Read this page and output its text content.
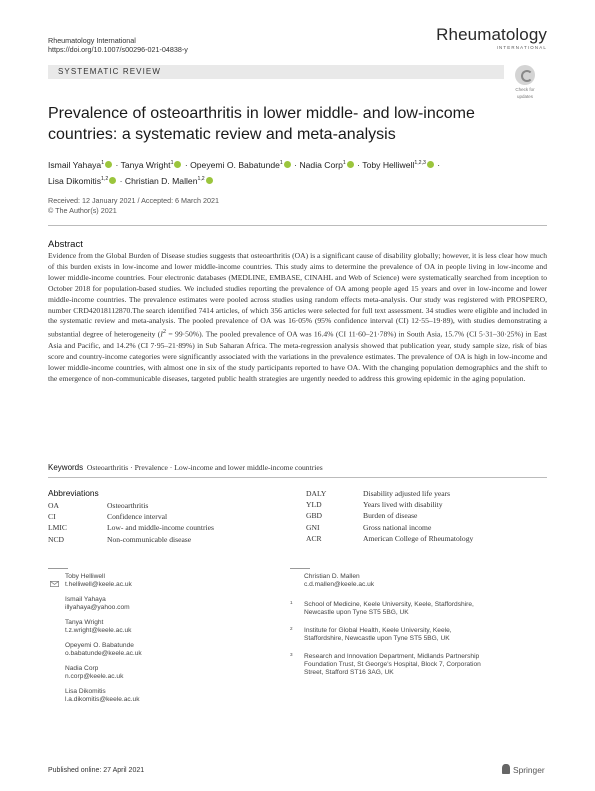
Rheumatology International
https://doi.org/10.1007/s00296-021-04838-y
Rheumatology
INTERNATIONAL
SYSTEMATIC REVIEW
Check for
updates
Prevalence of osteoarthritis in lower middle- and low-income countries: a systematic review and meta-analysis
Ismail Yahaya$^1$ · Tanya Wright$^1$ · Opeyemi O. Babatunde$^1$ · Nadia Corp$^1$ · Toby Helliwell$^{1,2,3}$ ·
Lisa Dikomitis$^{1,2}$ · Christian D. Mallen$^{1,2}$
Received: 12 January 2021 / Accepted: 6 March 2021
© The Author(s) 2021
Abstract
Evidence from the Global Burden of Disease studies suggests that osteoarthritis (OA) is a significant cause of disability globally; however, it is less clear how much of this burden exists in low-income and lower middle-income countries. This study aims to determine the prevalence of OA in people living in low-income and lower middle-income countries. Four electronic databases (MEDLINE, EMBASE, CINAHL and Web of Science) were systematically searched from inception to October 2018 for population-based studies. We included studies reporting the prevalence of OA among people aged 15 years and over in low-income and lower middle-income countries. The prevalence estimates were pooled across studies using random effects meta-analysis. Our study was registered with PROSPERO, number CRD42018112870.The search identified 7414 articles, of which 356 articles were selected for full text assessment. 34 studies were eligible and included in the systematic review and meta-analysis. The pooled prevalence of OA was 16·05% (95% confidence interval (CI) 12·55–19·89), with studies demonstrating a substantial degree of heterogeneity $(I^2 = 99\cdot 50\%)$. The pooled prevalence of OA was 16.4% (CI 11·60–21·78%) in South Asia, 15.7% (CI 5·31–30·25%) in East Asia and Pacific, and 14.2% (CI 7·95–21·89%) in Sub Saharan Africa. The meta-regression analysis showed that publication year, study sample size, risk of bias score and country-income categories were significantly associated with the variations in the prevalence estimates. The prevalence of OA is high in low-income and lower middle-income countries, with almost one in six of the study participants reported to have OA. With the changing population demographics and the shift to the emergence of non-communicable diseases, targeted public health strategies are urgently needed to address this growing epidemic in the aging population.
Keywords Osteoarthritis · Prevalence · Low-income and lower middle-income countries
Abbreviations
OA	Osteoarthritis
CI	Confidence interval
LMIC	Low- and middle-income countries
NCD	Non-communicable disease
DALY	Disability adjusted life years
YLD	Years lived with disability
GBD	Burden of disease
GNI	Gross national income
ACR	American College of Rheumatology
Toby Helliwell
t.helliwell@keele.ac.uk
Ismail Yahaya
illyahaya@yahoo.com
Tanya Wright
t.z.wright@keele.ac.uk
Opeyemi O. Babatunde
o.babatunde@keele.ac.uk
Nadia Corp
n.corp@keele.ac.uk
Lisa Dikomitis
l.a.dikomitis@keele.ac.uk
Christian D. Mallen
c.d.mallen@keele.ac.uk
1 School of Medicine, Keele University, Keele, Staffordshire,
Newcastle upon Tyne ST5 5BG, UK
2 Institute for Global Health, Keele University, Keele,
Staffordshire, Newcastle upon Tyne ST5 5BG, UK
3 Research and Innovation Department, Midlands Partnership
Foundation Trust, St George's Hospital, Block 7, Corporation
Street, Stafford ST16 3AG, UK
Published online: 27 April 2021	Springer
